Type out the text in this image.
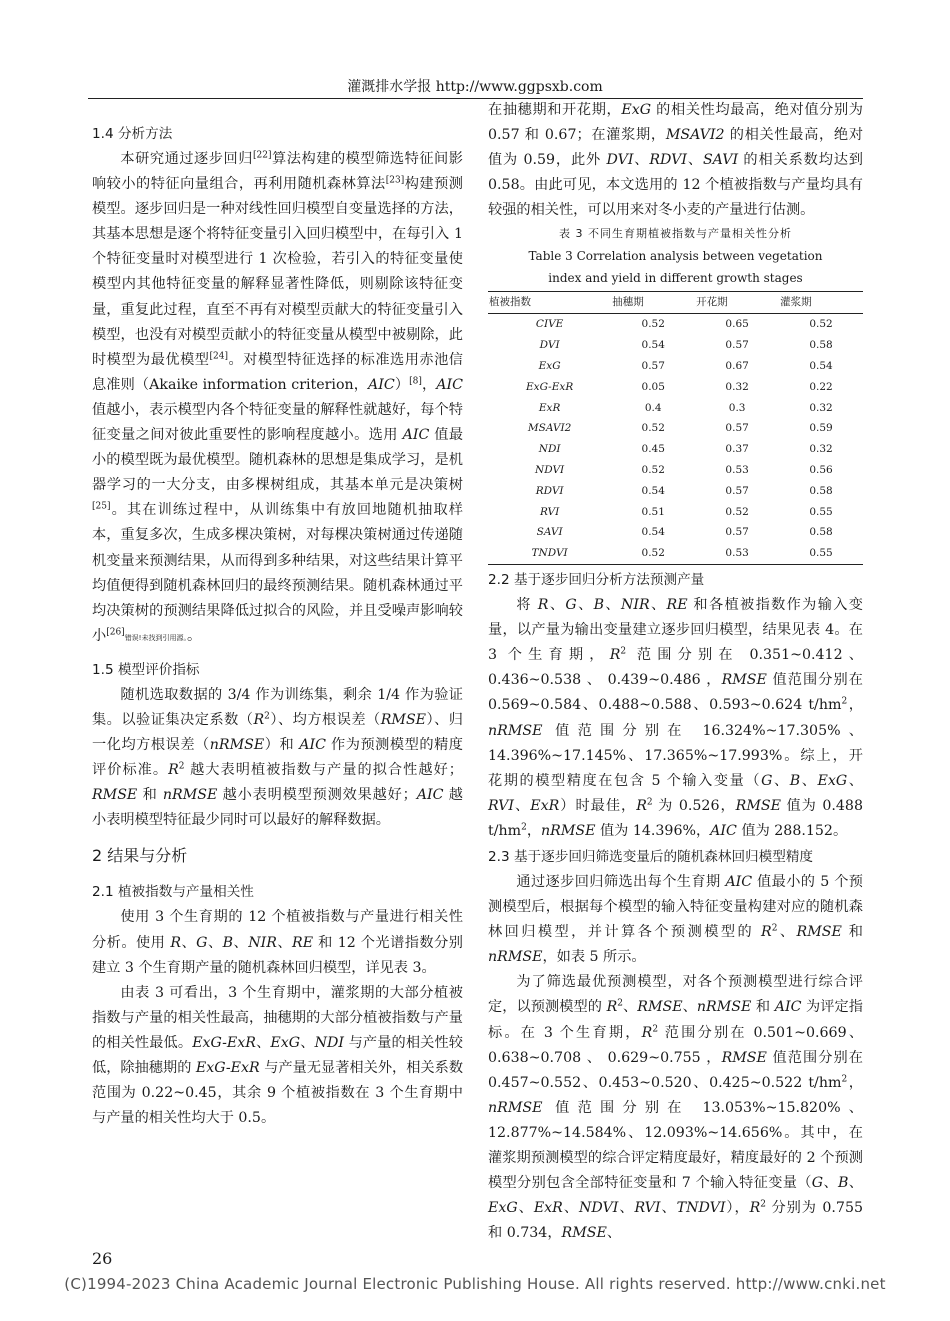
灌溉排水学报 http://www.ggpsxb.com
1.4 分析方法

本研究通过逐步回归[22]算法构建的模型筛选特征间影响较小的特征向量组合，再利用随机森林算法[23]构建预测模型。逐步回归是一种对线性回归模型自变量选择的方法，其基本思想是逐个将特征变量引入回归模型中，在每引入 1 个特征变量时对模型进行 1 次检验，若引入的特征变量使模型内其他特征变量的解释显著性降低，则剔除该特征变量，重复此过程，直至不再有对模型贡献大的特征变量引入模型，也没有对模型贡献小的特征变量从模型中被剔除，此时模型为最优模型[24]。对模型特征选择的标准选用赤池信息准则（Akaike information criterion，AIC）[8]，AIC 值越小，表示模型内各个特征变量的解释性就越好，每个特征变量之间对彼此重要性的影响程度越小。选用 AIC 值最小的模型既为最优模型。随机森林的思想是集成学习，是机器学习的一大分支，由多棵树组成，其基本单元是决策树[25]。其在训练过程中，从训练集中有放回地随机抽取样本，重复多次，生成多棵决策树，对每棵决策树通过传递随机变量来预测结果，从而得到多种结果，对这些结果计算平均值便得到随机森林回归的最终预测结果。随机森林通过平均决策树的预测结果降低过拟合的风险，并且受噪声影响较小[26]错误!未找到引用源。。

1.5 模型评价指标

随机选取数据的 3/4 作为训练集，剩余 1/4 作为验证集。以验证集决定系数$(R^2)$、均方根误差（RMSE）、归一化均方根误差（nRMSE）和 AIC 作为预测模型的精度评价标准。$R^2$ 越大表明植被指数与产量的拟合性越好；RMSE 和 nRMSE 越小表明模型预测效果越好；AIC 越小表明模型特征最少同时可以最好的解释数据。

2 结果与分析
2.1 植被指数与产量相关性

使用 3 个生育期的 12 个植被指数与产量进行相关性分析。使用 R、G、B、NIR、RE 和 12 个光谱指数分别建立 3 个生育期产量的随机森林回归模型，详见表 3。

由表 3 可看出，3 个生育期中，灌浆期的大部分植被指数与产量的相关性最高，抽穗期的大部分植被指数与产量的相关性最低。ExG-ExR、ExG、NDI 与产量的相关性较低，除抽穗期的 ExG-ExR 与产量无显著相关外，相关系数范围为 0.22~0.45，其余 9 个植被指数在 3 个生育期中与产量的相关性均大于 0.5。

在抽穗期和开花期，ExG 的相关性均最高，绝对值分别为 0.57 和 0.67；在灌浆期，MSAVI2 的相关性最高，绝对值为 0.59，此外 DVI、RDVI、SAVI 的相关系数均达到 0.58。由此可见，本文选用的 12 个植被指数与产量均具有较强的相关性，可以用来对冬小麦的产量进行估测。

表 3 不同生育期植被指数与产量相关性分析
Table 3 Correlation analysis between vegetation
index and yield in different growth stages
植被指数	抽穗期	开花期	灌浆期
CIVE	0.52	0.65	0.52
DVI	0.54	0.57	0.58
ExG	0.57	0.67	0.54
ExG-ExR	0.05	0.32	0.22
ExR	0.4	0.3	0.32
MSAVI2	0.52	0.57	0.59
NDI	0.45	0.37	0.32
NDVI	0.52	0.53	0.56
RDVI	0.54	0.57	0.58
RVI	0.51	0.52	0.55
SAVI	0.54	0.57	0.58
TNDVI	0.52	0.53	0.55
2.2 基于逐步回归分析方法预测产量

将 R、G、B、NIR、RE 和各植被指数作为输入变量，以产量为输出变量建立逐步回归模型，结果见表 4。在 3 个生育期，$R^2$ 范围分别在 0.351~0.412、0.436~0.538 、 0.439~0.486 ，RMSE 值范围分别在 0.569~0.584、0.488~0.588、0.593~0.624 $t/hm^2$，nRMSE 值范围分别在 16.324%~17.305%、14.396%~17.145%、17.365%~17.993%。综上，开花期的模型精度在包含 5 个输入变量（G、B、ExG、RVI、ExR）时最佳，$R^2$ 为 0.526，RMSE 值为 0.488 $t/hm^2$，nRMSE 值为 14.396%，AIC 值为 288.152。

2.3 基于逐步回归筛选变量后的随机森林回归模型精度

通过逐步回归筛选出每个生育期 AIC 值最小的 5 个预测模型后，根据每个模型的输入特征变量构建对应的随机森林回归模型，并计算各个预测模型的 $R^2$、RMSE 和 nRMSE，如表 5 所示。

为了筛选最优预测模型，对各个预测模型进行综合评定，以预测模型的 $R^2$、RMSE、nRMSE 和 AIC 为评定指标。在 3 个生育期，$R^2$ 范围分别在 0.501~0.669、0.638~0.708 、 0.629~0.755 ，RMSE 值范围分别在 0.457~0.552、0.453~0.520、0.425~0.522 $t/hm^2$，nRMSE 值范围分别在 13.053%~15.820%、12.877%~14.584%、12.093%~14.656%。其中，在灌浆期预测模型的综合评定精度最好，精度最好的 2 个预测模型分别包含全部特征变量和 7 个输入特征变量（G、B、ExG、ExR、NDVI、RVI、TNDVI），$R^2$ 分别为 0.755 和 0.734，RMSE、

26
(C)1994-2023 China Academic Journal Electronic Publishing House. All rights reserved. http://www.cnki.net
